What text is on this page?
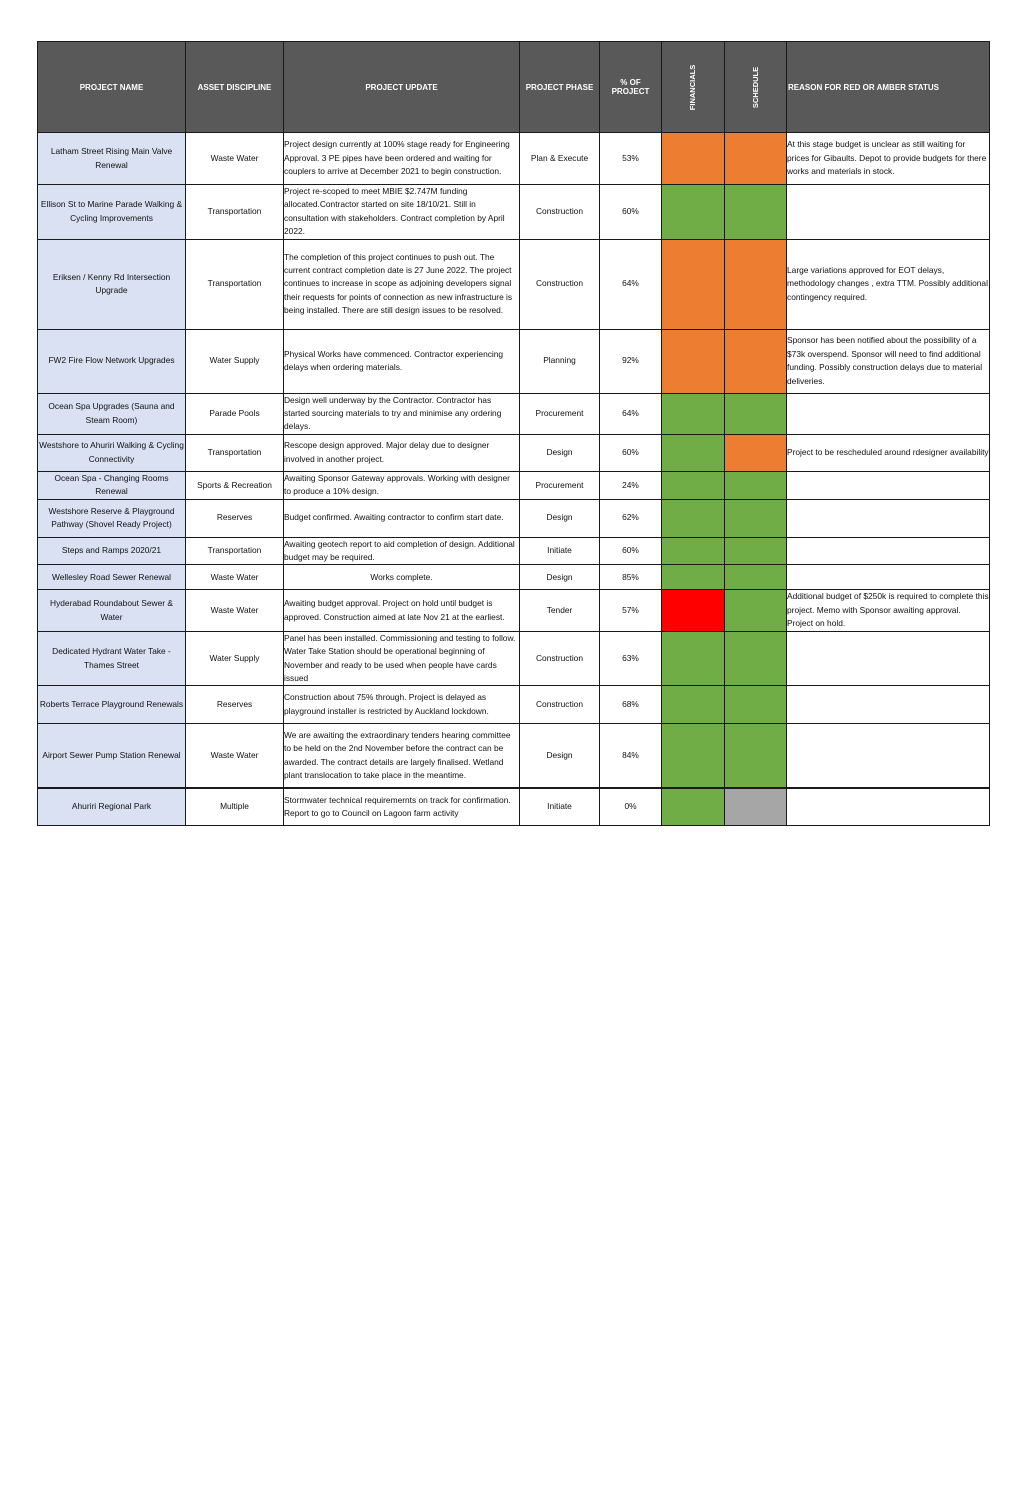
PROJECT NAME	ASSET DISCIPLINE	PROJECT UPDATE	PROJECT PHASE	% OF PROJECT	FINANCIALS	SCHEDULE	REASON FOR RED OR AMBER STATUS
Latham Street Rising Main Valve Renewal	Waste Water	Project design currently at 100% stage ready for Engineering Approval. 3 PE pipes have been ordered and waiting for couplers to arrive at December 2021 to begin construction.	Plan & Execute	53%			At this stage budget is unclear as still waiting for prices for Gibaults. Depot to provide budgets for there works and materials in stock.
Ellison St to Marine Parade Walking & Cycling Improvements	Transportation	Project re-scoped to meet MBIE $2.747M funding allocated.Contractor started on site 18/10/21. Still in consultation with stakeholders. Contract completion by April 2022.	Construction	60%			
Eriksen / Kenny Rd Intersection Upgrade	Transportation	The completion of this project continues to push out. The current contract completion date is 27 June 2022. The project continues to increase in scope as adjoining developers signal their requests for points of connection as new infrastructure is being installed. There are still design issues to be resolved.	Construction	64%			Large variations approved for EOT delays, methodology changes , extra TTM. Possibly additional contingency required.
FW2 Fire Flow Network Upgrades	Water Supply	Physical Works have commenced. Contractor experiencing delays when ordering materials.	Planning	92%			Sponsor has been notified about the possibility of a $73k overspend. Sponsor will need to find additional funding. Possibly construction delays due to material deliveries.
Ocean Spa Upgrades (Sauna and Steam Room)	Parade Pools	Design well underway by the Contractor. Contractor has started sourcing materials to try and minimise any ordering delays.	Procurement	64%			
Westshore to Ahuriri Walking & Cycling Connectivity	Transportation	Rescope design approved. Major delay due to designer involved in another project.	Design	60%			Project to be rescheduled around rdesigner availability
Ocean Spa - Changing Rooms Renewal	Sports & Recreation	Awaiting Sponsor Gateway approvals. Working with designer to produce a 10% design.	Procurement	24%			
Westshore Reserve & Playground Pathway (Shovel Ready Project)	Reserves	Budget confirmed. Awaiting contractor to confirm start date.	Design	62%			
Steps and Ramps 2020/21	Transportation	Awaiting geotech report to aid completion of design. Additional budget may be required.	Initiate	60%			
Wellesley Road Sewer Renewal	Waste Water	Works complete.	Design	85%			
Hyderabad Roundabout Sewer & Water	Waste Water	Awaiting budget approval. Project on hold until budget is approved. Construction aimed at late Nov 21 at the earliest.	Tender	57%			Additional budget of $250k is required to complete this project. Memo with Sponsor awaiting approval. Project on hold.
Dedicated Hydrant Water Take - Thames Street	Water Supply	Panel has been installed. Commissioning and testing to follow. Water Take Station should be operational beginning of November and ready to be used when people have cards issued	Construction	63%			
Roberts Terrace Playground Renewals	Reserves	Construction about 75% through. Project is delayed as playground installer is restricted by Auckland lockdown.	Construction	68%			
Airport Sewer Pump Station Renewal	Waste Water	We are awaiting the extraordinary tenders hearing committee to be held on the 2nd November before the contract can be awarded. The contract details are largely finalised. Wetland plant translocation to take place in the meantime.	Design	84%			
Ahuriri Regional Park	Multiple	Stormwater technical requiremernts on track for confirmation. Report to go to Council on Lagoon farm activity	Initiate	0%			
